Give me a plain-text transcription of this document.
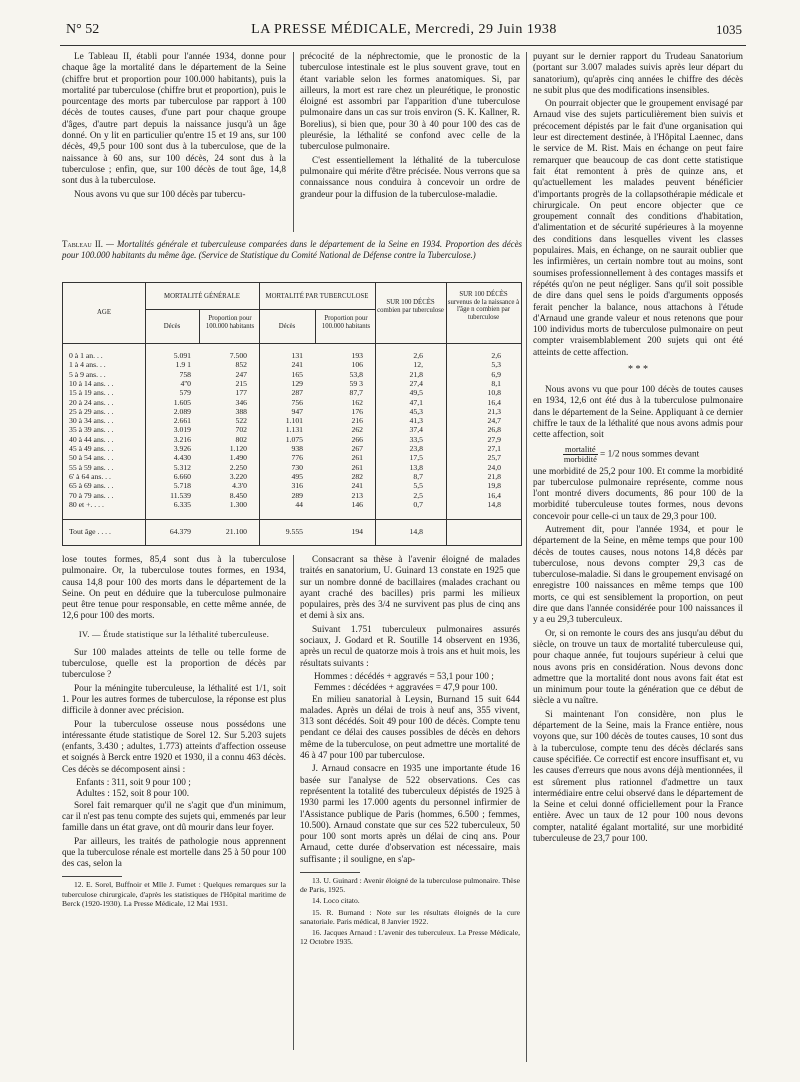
N° 52	LA PRESSE MÉDICALE, Mercredi, 29 Juin 1938	1035

Le Tableau II, établi pour l'année 1934, donne pour chaque âge la mortalité dans le département de la Seine (chiffre brut et proportion pour 100.000 habitants), puis la mortalité par tuberculose (chiffre brut et proportion), puis le pourcentage des morts par tuberculose par rapport à 100 décès de toutes causes, d'une part pour chaque groupe d'âges, d'autre part depuis la naissance jusqu'à un âge donné. On y lit en particulier qu'entre 15 et 19 ans, sur 100 décès, 49,5 pour 100 sont dus à la tuberculose, que de la naissance à 60 ans, sur 100 décès, 24 sont dus à la tuberculose ; enfin, que, sur 100 décès de tout âge, 14,8 sont dus à la tuberculose.

Nous avons vu que sur 100 décès par tubercu-

précocité de la néphrectomie, que le pronostic de la tuberculose intestinale est le plus souvent grave, tout en étant variable selon les formes anatomiques. Si, par ailleurs, la mort est rare chez un pleurétique, le pronostic éloigné est assombri par l'apparition d'une tuberculose pulmonaire dans un cas sur trois environ (S. K. Kallner, R. Borelius), si bien que, pour 30 à 40 pour 100 des cas de pleurésie, la léthalité se confond avec celle de la tuberculose pulmonaire.

C'est essentiellement la léthalité de la tuberculose pulmonaire qui mérite d'être précisée. Nous verrons que sa connaissance nous conduira à concevoir un ordre de grandeur pour la diffusion de la tuberculose-maladie.

Tableau II. — Mortalités générale et tuberculeuse comparées dans le département de la Seine en 1934. Proportion des décès pour 100.000 habitants du même âge. (Service de Statistique du Comité National de Défense contre la Tuberculose.)
AGE
MORTALITÉ GÉNÉRALE	MORTALITÉ PAR TUBERCULOSE
Décès
Proportion pour 100.000 habitants	Décès
Proportion pour 100.000 habitants
SUR 100 DÉCÈS combien par tuberculose
SUR 100 DÉCÈS survenus de la naissance à l'âge n combien par tuberculose
0 à 1 an. . .	5.091	7.500	131	193	2,6	2,6
1 à 4 ans. . .	1.9 1	852	241	106	12,	5,3
5 à 9 ans. . .	758	247	165	53,8	21,8	6,9
10 à 14 ans. . .	4''0	215	129	59 3	27,4	8,1
15 à 19 ans. . .	579	177	287	87,7	49,5	10,8
20 à 24 ans. . .	1.605	346	756	162	47,1	16,4
25 à 29 ans. . .	2.089	388	947	176	45,3	21,3
30 à 34 ans. . .	2.661	522	1.101	216	41,3	24,7
35 à 39 ans. . .	3.019	702	1.131	262	37,4	26,8
40 à 44 ans. . .	3.216	802	1.075	266	33,5	27,9
45 à 49 ans. . .	3.926	1.120	938	267	23,8	27,1
50 à 54 ans. . .	4.430	1.490	776	261	17,5	25,7
55 à 59 ans. . .	5.312	2.250	730	261	13,8	24,0
6' à 64 ans. . .	6.660	3.220	495	282	8,7	21,8
65 à 69 ans. . .	5.718	4.3'0	316	241	5,5	19,8
70 à 79 ans. . .	11.539	8.450	289	213	2,5	16,4
80 et +. . . .	6.335	1.300	44	146	0,7	14,8
Tout âge . . . .	64.379	21.100	9.555	194	14,8

lose toutes formes, 85,4 sont dus à la tuberculose pulmonaire. Or, la tuberculose toutes formes, en 1934, causa 14,8 pour 100 des morts dans le département de la Seine. On peut en déduire que la tuberculose pulmonaire peut être tenue pour responsable, en cette même année, de 12,6 pour 100 des morts.

IV. — Étude statistique sur la léthalité tuberculeuse.

Sur 100 malades atteints de telle ou telle forme de tuberculose, quelle est la proportion de décès par tuberculose ?

Pour la méningite tuberculeuse, la léthalité est 1/1, soit 1. Pour les autres formes de tuberculose, la réponse est plus difficile à donner avec précision.

Pour la tuberculose osseuse nous possédons une intéressante étude statistique de Sorel 12. Sur 5.203 sujets (enfants, 3.430 ; adultes, 1.773) atteints d'affection osseuse et soignés à Berck entre 1920 et 1930, il a connu 463 décès. Ces décès se décomposent ainsi :

Enfants : 311, soit 9 pour 100 ;

Adultes : 152, soit 8 pour 100.

Sorel fait remarquer qu'il ne s'agit que d'un minimum, car il n'est pas tenu compte des sujets qui, emmenés par leur famille dans un état grave, ont dû mourir dans leur foyer.

Par ailleurs, les traités de pathologie nous apprennent que la tuberculose rénale est mortelle dans 25 à 50 pour 100 des cas, selon la

12. E. Sorel, Buffnoir et Mlle J. Fumet : Quelques remarques sur la tuberculose chirurgicale, d'après les statistiques de l'Hôpital maritime de Berck (1920-1930). La Presse Médicale, 12 Mai 1931.

Consacrant sa thèse à l'avenir éloigné de malades traités en sanatorium, U. Guinard 13 constate en 1925 que sur un nombre donné de bacillaires (malades crachant ou ayant craché des bacilles) pris parmi les milieux populaires, près des 3/4 ne survivent pas plus de cinq ans et demi à six ans.

Suivant 1.751 tuberculeux pulmonaires assurés sociaux, J. Godard et R. Soutille 14 observent en 1936, après un recul de quatorze mois à trois ans et huit mois, les résultats suivants :

Hommes : décédés + aggravés = 53,1 pour 100 ;

Femmes : décédées + aggravées = 47,9 pour 100.

En milieu sanatorial à Leysin, Burnand 15 suit 644 malades. Après un délai de trois à neuf ans, 355 vivent, 313 sont décédés. Soit 49 pour 100 de décès. Compte tenu pendant ce délai des causes possibles de décès en dehors même de la tuberculose, on peut admettre une mortalité de 46 à 47 pour 100 par tuberculose.

J. Arnaud consacre en 1935 une importante étude 16 basée sur l'analyse de 522 observations. Ces cas représentent la totalité des tuberculeux dépistés de 1925 à 1930 parmi les 17.000 agents du personnel infirmier de l'Assistance publique de Paris (hommes, 6.500 ; femmes, 10.500). Arnaud constate que sur ces 522 tuberculeux, 50 pour 100 sont morts après un délai de cinq ans. Pour Arnaud, cette durée d'observation est nécessaire, mais suffisante ; il souligne, en s'ap-

13. U. Guinard : Avenir éloigné de la tuberculose pulmonaire. Thèse de Paris, 1925.

14. Loco citato.

15. R. Burnand : Note sur les résultats éloignés de la cure sanatoriale. Paris médical, 8 Janvier 1922.

16. Jacques Arnaud : L'avenir des tuberculeux. La Presse Médicale, 12 Octobre 1935.

puyant sur le dernier rapport du Trudeau Sanatorium (portant sur 3.007 malades suivis après leur départ du sanatorium), qu'après cinq années le chiffre des décès ne subit plus que des modifications insensibles.

On pourrait objecter que le groupement envisagé par Arnaud vise des sujets particulièrement bien suivis et précocement dépistés par le fait d'une organisation qui leur est directement destinée, à l'Hôpital Laennec, dans le service de M. Rist. Mais en échange on peut faire remarquer que beaucoup de cas dont cette statistique fait état remontent à près de quinze ans, et qu'actuellement les malades peuvent bénéficier d'importants progrès de la collapsothérapie médicale et chirurgicale. On peut encore objecter que ce groupement connaît des conditions d'habitation, d'alimentation et de sécurité supérieures à la moyenne des conditions dans lesquelles vivent les classes populaires. Mais, en échange, on ne saurait oublier que les infirmières, un certain nombre tout au moins, sont soumises professionnellement à des contages massifs et répétés qu'on ne peut négliger. Sans qu'il soit possible de dire dans quel sens le poids d'arguments opposés ferait pencher la balance, nous attachons à l'étude d'Arnaud une grande valeur et nous retenons que pour 100 individus morts de tuberculose pulmonaire on peut compter vraisemblablement 200 sujets qui ont été atteints de cette affection.

* * *

Nous avons vu que pour 100 décès de toutes causes en 1934, 12,6 ont été dus à la tuberculose pulmonaire dans le département de la Seine. Appliquant à ce dernier chiffre le taux de la léthalité que nous avons admis pour cette affection, soit

$\frac{\text{mortalité}}{\text{morbidité}} = 1/2$ nous sommes devant

une morbidité de 25,2 pour 100. Et comme la morbidité par tuberculose pulmonaire représente, comme nous l'ont montré divers documents, 86 pour 100 de la morbidité tuberculeuse toutes formes, nous devons concevoir pour celle-ci un taux de 29,3 pour 100.

Autrement dit, pour l'année 1934, et pour le département de la Seine, en même temps que pour 100 décès de toutes causes, nous notons 14,8 décès par tuberculose, nous devons compter 29,3 cas de tuberculose-maladie. Si dans le groupement envisagé on enregistre 100 naissances en même temps que 100 morts, ce qui est sensiblement la proportion, on peut dire que dans l'année considérée pour 100 naissances il y a eu 29,3 tuberculeux.

Or, si on remonte le cours des ans jusqu'au début du siècle, on trouve un taux de mortalité tuberculeuse qui, pour chaque année, fut toujours supérieur à celui que nous avons pris en considération. Nous devons donc admettre que la mortalité dont nous avons fait état est un minimum pour toute la génération que ce début de siècle a vu naître.

Si maintenant l'on considère, non plus le département de la Seine, mais la France entière, nous voyons que, sur 100 décès de toutes causes, 10 sont dus à la tuberculose, compte tenu des décès déclarés sans cause spécifiée. Ce correctif est encore insuffisant et, vu les causes d'erreurs que nous avons déjà mentionnées, il est sûrement plus rationnel d'admettre un taux intermédiaire entre celui observé dans le département de la Seine et celui donné officiellement pour la France entière. Avec un taux de 12 pour 100 nous devons compter, natalité égalant mortalité, sur une morbidité tuberculeuse de 23,7 pour 100.
